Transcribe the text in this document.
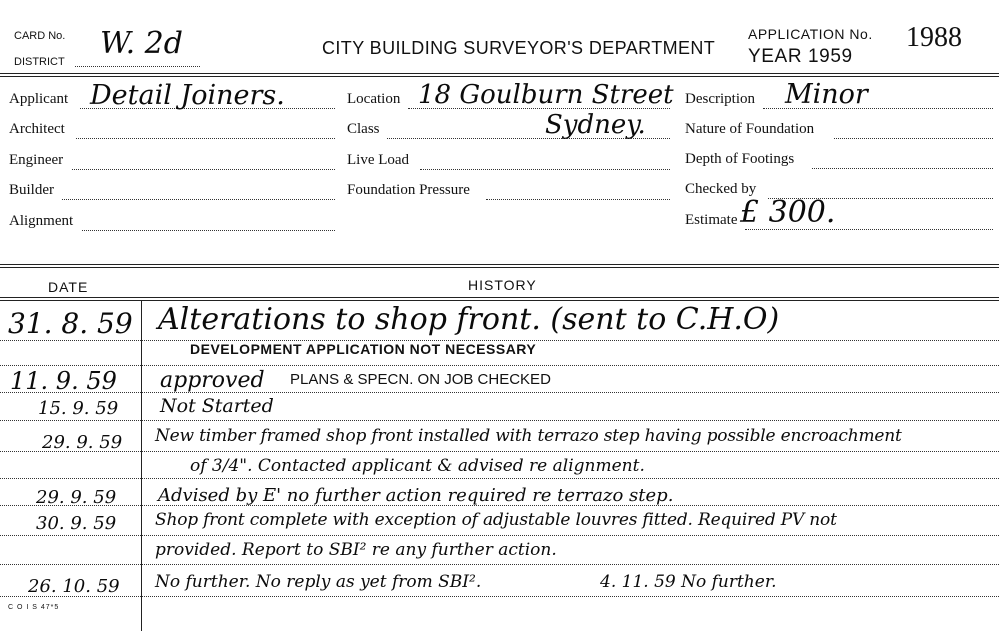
CARD No.
DISTRICT
W. 2d	CITY BUILDING SURVEYOR'S DEPARTMENT
APPLICATION No. 1988
YEAR 1959
Applicant Detail Joiners.
Architect
Engineer
Builder
Alignment
Location 18 Goulburn Street
Sydney.
Class
Live Load
Foundation Pressure
Description Minor
Nature of Foundation
Depth of Footings
Checked by
Estimate £ 300.
DATE	HISTORY
31. 8. 59 Alterations to shop front. (sent to C.H.O)
DEVELOPMENT APPLICATION NOT NECESSARY
11. 9. 59 approved PLANS & SPECN. ON JOB CHECKED
15. 9. 59 Not Started
29. 9. 59 New timber framed shop front installed with terrazo step having possible encroachment
of 3/4". Contacted applicant & advised re alignment.
29. 9. 59 Advised by E' no further action required re terrazo step.
30. 9. 59 Shop front complete with exception of adjustable louvres fitted. Required PV not
provided. Report to SBI² re any further action.
26. 10. 59 No further. No reply as yet from SBI².	4. 11. 59 No further.
C O I S 47*5
